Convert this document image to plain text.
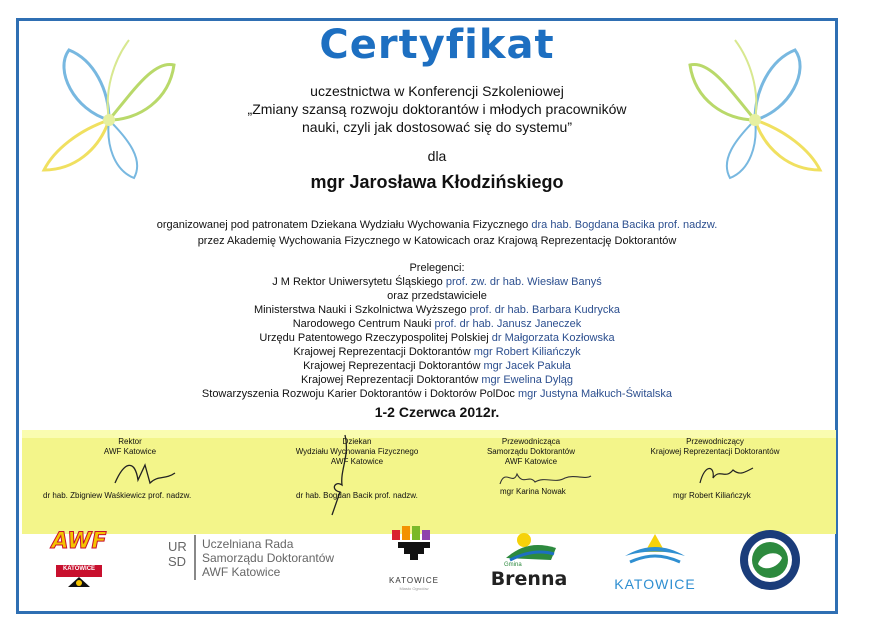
Certyfikat
uczestnictwa w Konferencji Szkoleniowej
„Zmiany szansą rozwoju doktorantów i młodych pracowników
nauki, czyli jak dostosować się do systemu”
dla
mgr Jarosława Kłodzińskiego
organizowanej pod patronatem Dziekana Wydziału Wychowania Fizycznego dra hab. Bogdana Bacika prof. nadzw.
przez Akademię Wychowania Fizycznego w Katowicach oraz Krajową Reprezentację Doktorantów
Prelegenci:
J M Rektor Uniwersytetu Śląskiego prof. zw. dr hab. Wiesław Banyś
oraz przedstawiciele
Ministerstwa Nauki i Szkolnictwa Wyższego prof. dr hab. Barbara Kudrycka
Narodowego Centrum Nauki prof. dr hab. Janusz Janeczek
Urzędu Patentowego Rzeczypospolitej Polskiej dr Małgorzata Kozłowska
Krajowej Reprezentacji Doktorantów mgr Robert Kiliańczyk
Krajowej Reprezentacji Doktorantów mgr Jacek Pakuła
Krajowej Reprezentacji Doktorantów mgr Ewelina Dyląg
Stowarzyszenia Rozwoju Karier Doktorantów i Doktorów PolDoc mgr Justyna Małkuch-Świtalska
1-2 Czerwca 2012r.
Rektor
AWF Katowice
Dziekan
Wydziału Wychowania Fizycznego
AWF Katowice
Przewodnicząca
Samorządu Doktorantów
AWF Katowice
Przewodniczący
Krajowej Reprezentacji Doktorantów
dr hab. Zbigniew Waśkiewicz prof. nadzw.	dr hab. Bogdan Bacik prof. nadzw.	mgr Karina Nowak	mgr Robert Kiliańczyk
AWF
KATOWICE
UR
SD
Uczelniana Rada
Samorządu Doktorantów
AWF Katowice
KATOWICE
Miasto Ogrodów
Gmina
Brenna	KATOWICE
